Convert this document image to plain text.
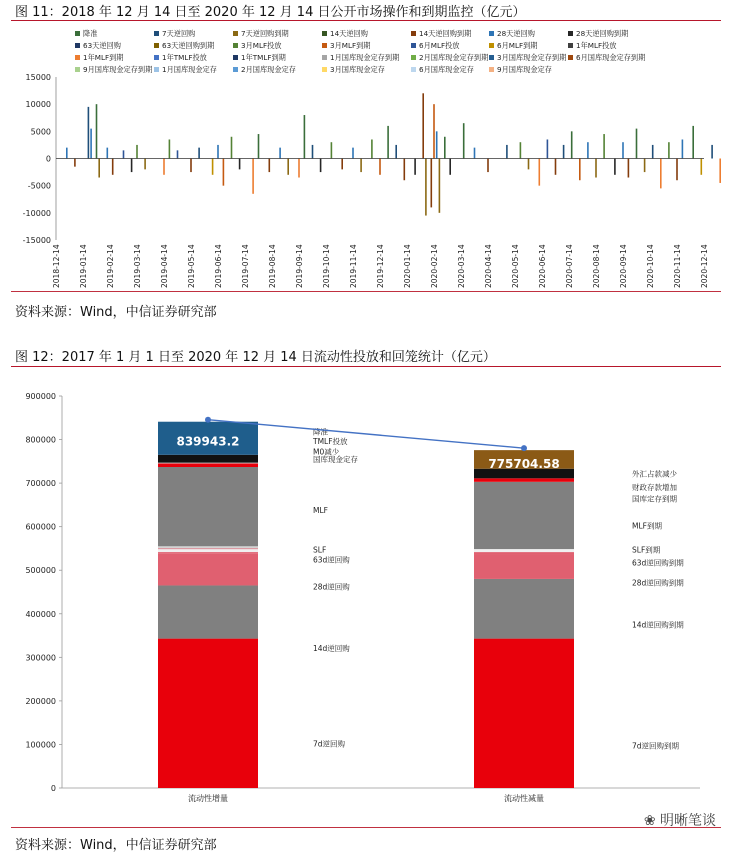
图 11：2018 年 12 月 14 日至 2020 年 12 月 14 日公开市场操作和到期监控（亿元）
降准	7天逆回购	7天逆回购到期	14天逆回购	14天逆回购到期	28天逆回购	28天逆回购到期
63天逆回购	63天逆回购到期	3月MLF投放	3月MLF到期	6月MLF投放	6月MLF到期	1年MLF投放
1年MLF到期	1年TMLF投放	1年TMLF到期	1月国库现金定存到期	2月国库现金定存到期 3月国库现金定存到期 6月国库现金定存到期
9月国库现金定存到期 1月国库现金定存	2月国库现金定存	3月国库现金定存	6月国库现金定存	9月国库现金定存
15000
10000
5000
0
-5000
-10000
-15000
2018-12-14 2019-01-14 2019-02-14 2019-03-14 2019-04-14 2019-05-14 2019-06-14 2019-07-14 2019-08-14 2019-09-14 2019-10-14 2019-11-14 2019-12-14 2020-01-14 2020-02-14 2020-03-14 2020-04-14 2020-05-14 2020-06-14 2020-07-14 2020-08-14 2020-09-14 2020-10-14 2020-11-14 2020-12-14
资料来源：Wind，中信证券研究部
图 12：2017 年 1 月 1 日至 2020 年 12 月 14 日流动性投放和回笼统计（亿元）
900000
800000
700000
600000
500000
400000
300000
200000
100000
0
839943.2
降准
TMLF投放
M0减少
国库现金定存
MLF
SLF
63d逆回购
28d逆回购
14d逆回购
7d逆回购
流动性增量
775704.58
外汇占款减少
财政存款增加
国库定存到期
MLF到期
SLF到期
63d逆回购到期
28d逆回购到期
14d逆回购到期
7d逆回购到期
流动性减量
资料来源：Wind，中信证券研究部
❀ 明晰笔谈
